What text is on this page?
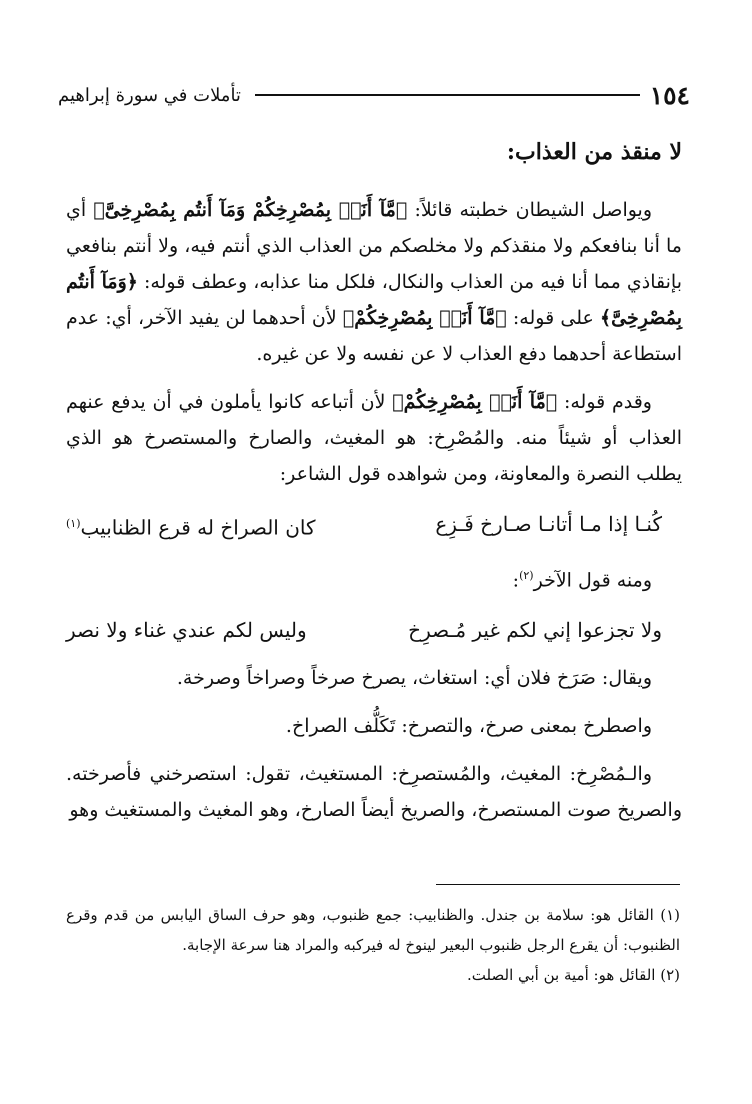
١٥٤
تأملات في سورة إبراهيم
لا منقذ من العذاب:

ويواصل الشيطان خطبته قائلاً: ﴿مَّآ أَنَا۠ بِمُصْرِخِكُمْ وَمَآ أَنتُم بِمُصْرِخِىَّ﴾ أي ما أنا بنافعكم ولا منقذكم ولا مخلصكم من العذاب الذي أنتم فيه، ولا أنتم بنافعي بإنقاذي مما أنا فيه من العذاب والنكال، فلكل منا عذابه، وعطف قوله: ﴿وَمَآ أَنتُم بِمُصْرِخِىَّ﴾ على قوله: ﴿مَّآ أَنَا۠ بِمُصْرِخِكُمْ﴾ لأن أحدهما لن يفيد الآخر، أي: عدم استطاعة أحدهما دفع العذاب لا عن نفسه ولا عن غيره.

وقدم قوله: ﴿مَّآ أَنَا۠ بِمُصْرِخِكُمْ﴾ لأن أتباعه كانوا يأملون في أن يدفع عنهم العذاب أو شيئاً منه. والمُصْرِخ: هو المغيث، والصارخ والمستصرخ هو الذي يطلب النصرة والمعاونة، ومن شواهده قول الشاعر:

كُنـا إذا مـا أتانـا صـارخ فَـزِع
كان الصراخ له قرع الظنابيب$^{(١)}$
ومنه قول الآخر$^{(٢)}$:
ولا تجزعوا إني لكم غير مُـصرِخ
وليس لكم عندي غناء ولا نصر
ويقال: صَرَخ فلان أي: استغاث، يصرخ صرخاً وصراخاً وصرخة.
واصطرخ بمعنى صرخ، والتصرخ: تَكَلُّف الصراخ.

والـمُصْرِخ: المغيث، والمُستصرِخ: المستغيث، تقول: استصرخني فأصرخته. والصريخ صوت المستصرخ، والصريخ أيضاً الصارخ، وهو المغيث والمستغيث وهو

(١) القائل هو: سلامة بن جندل. والظنابيب: جمع ظنبوب، وهو حرف الساق اليابس من قدم وقرع الظنبوب: أن يقرع الرجل ظنبوب البعير لينوخ له فيركبه والمراد هنا سرعة الإجابة.

(٢) القائل هو: أمية بن أبي الصلت.
